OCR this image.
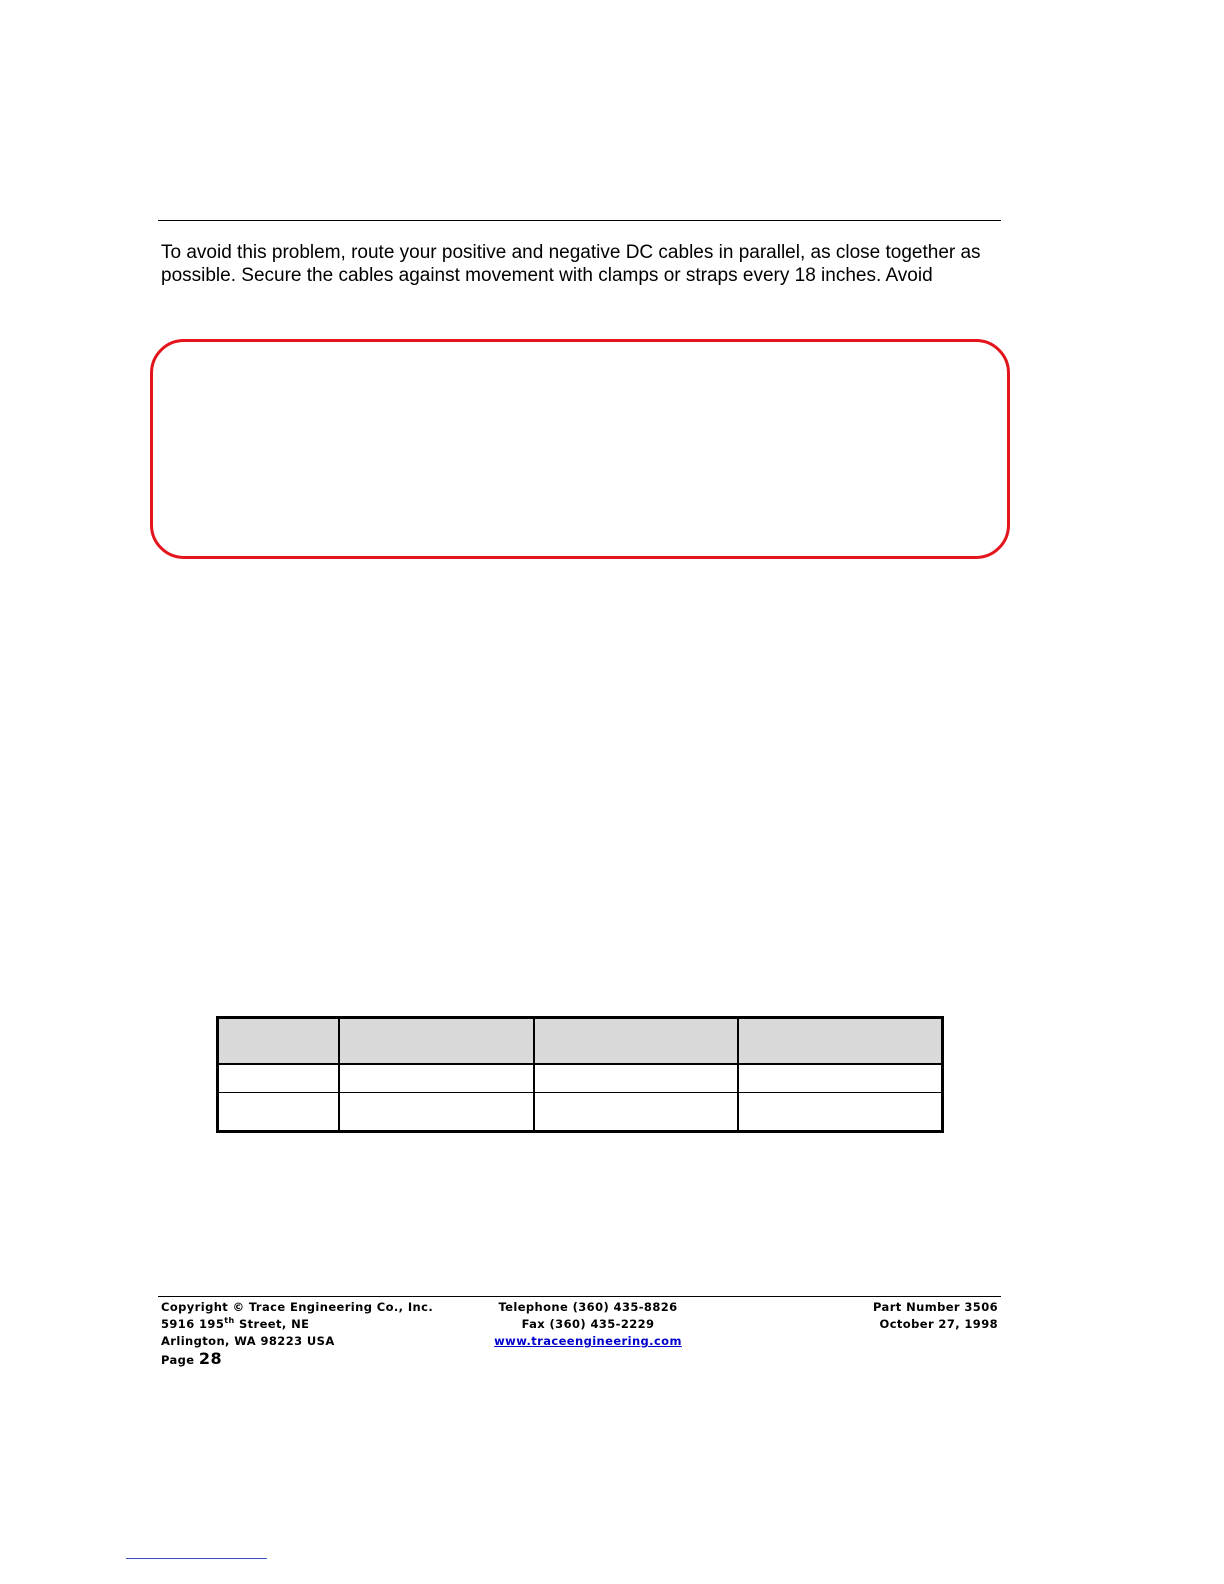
To avoid this problem, route your positive and negative DC cables in parallel, as close together as
possible. Secure the cables against movement with clamps or straps every 18 inches. Avoid

Copyright © Trace Engineering Co., Inc.
5916 195th Street, NE
Arlington, WA 98223 USA
Page 28
Telephone (360) 435-8826
Fax (360) 435-2229
www.traceengineering.com
Part Number 3506
October 27, 1998
